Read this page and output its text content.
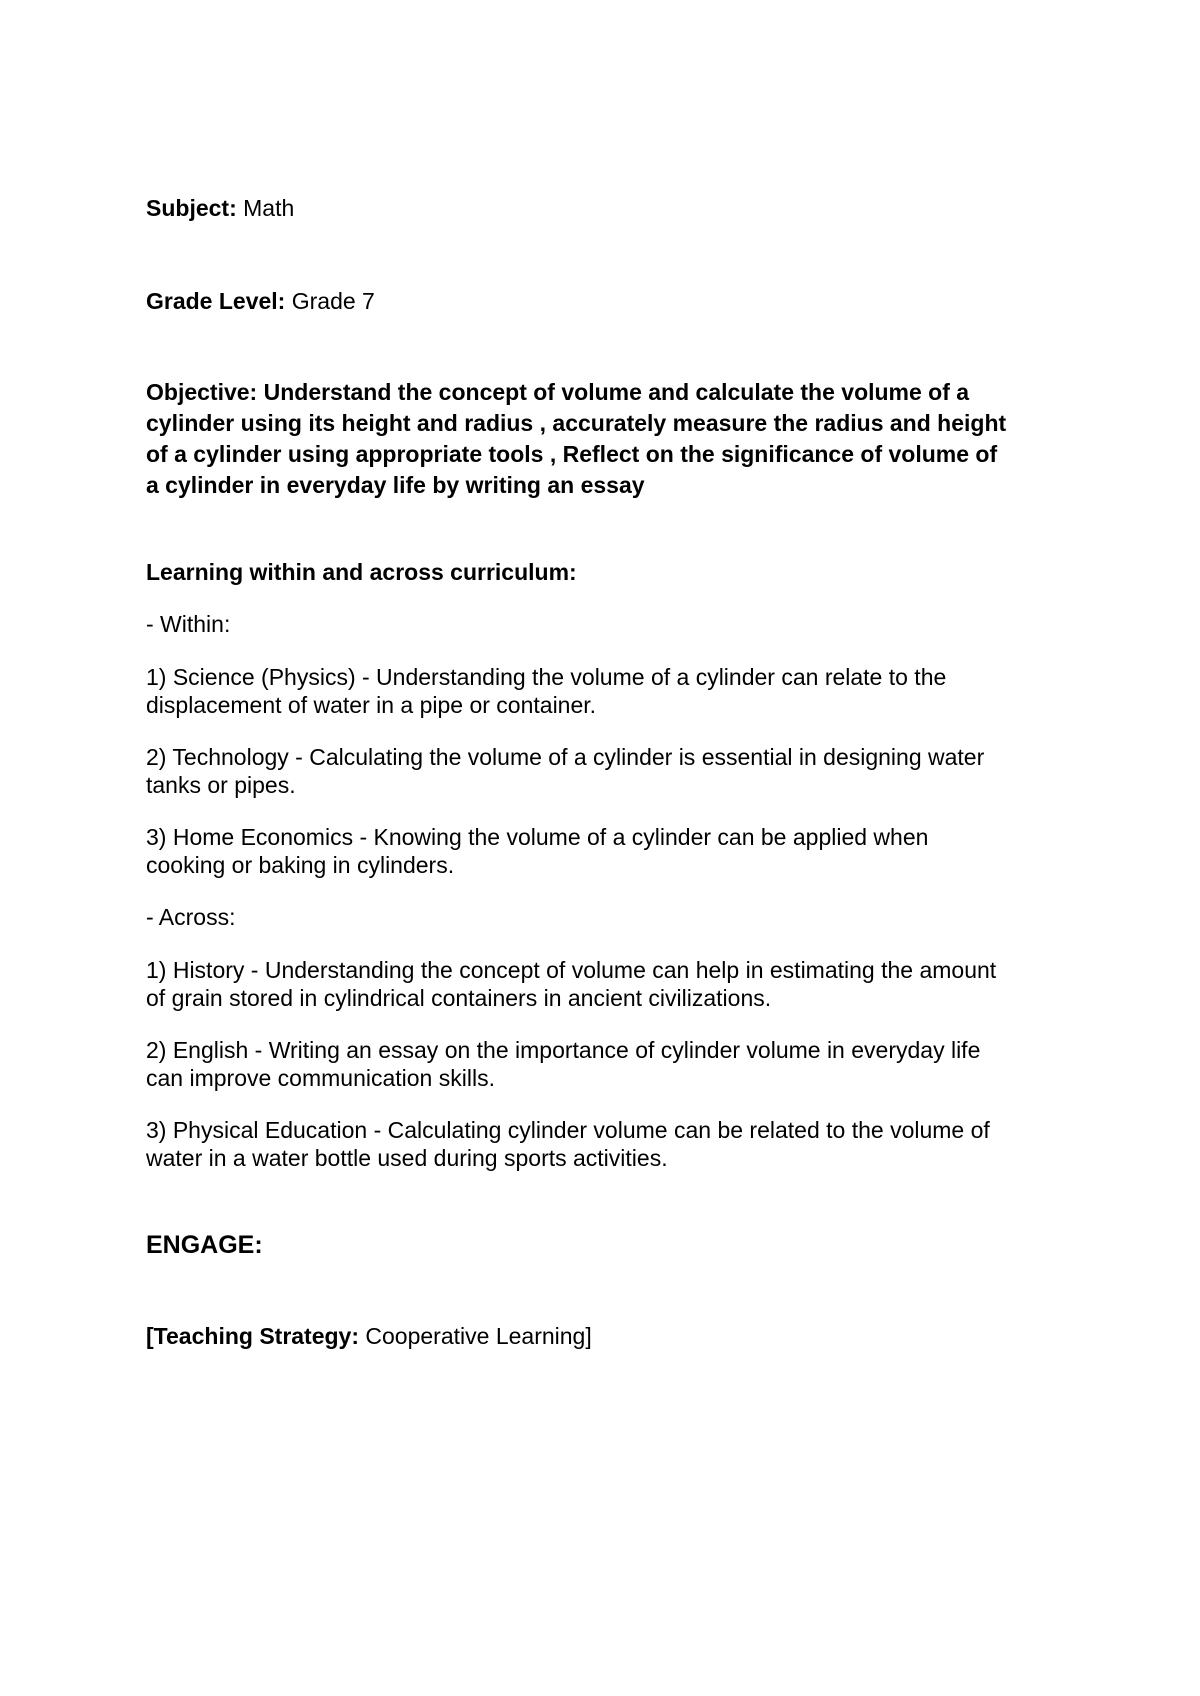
Subject: Math
Grade Level: Grade 7
Objective: Understand the concept of volume and calculate the volume of a
cylinder using its height and radius , accurately measure the radius and height
of a cylinder using appropriate tools , Reflect on the significance of volume of
a cylinder in everyday life by writing an essay
Learning within and across curriculum:
- Within:
1) Science (Physics) - Understanding the volume of a cylinder can relate to the
displacement of water in a pipe or container.
2) Technology - Calculating the volume of a cylinder is essential in designing water
tanks or pipes.
3) Home Economics - Knowing the volume of a cylinder can be applied when
cooking or baking in cylinders.
- Across:
1) History - Understanding the concept of volume can help in estimating the amount
of grain stored in cylindrical containers in ancient civilizations.
2) English - Writing an essay on the importance of cylinder volume in everyday life
can improve communication skills.
3) Physical Education - Calculating cylinder volume can be related to the volume of
water in a water bottle used during sports activities.
ENGAGE:
[Teaching Strategy: Cooperative Learning]
